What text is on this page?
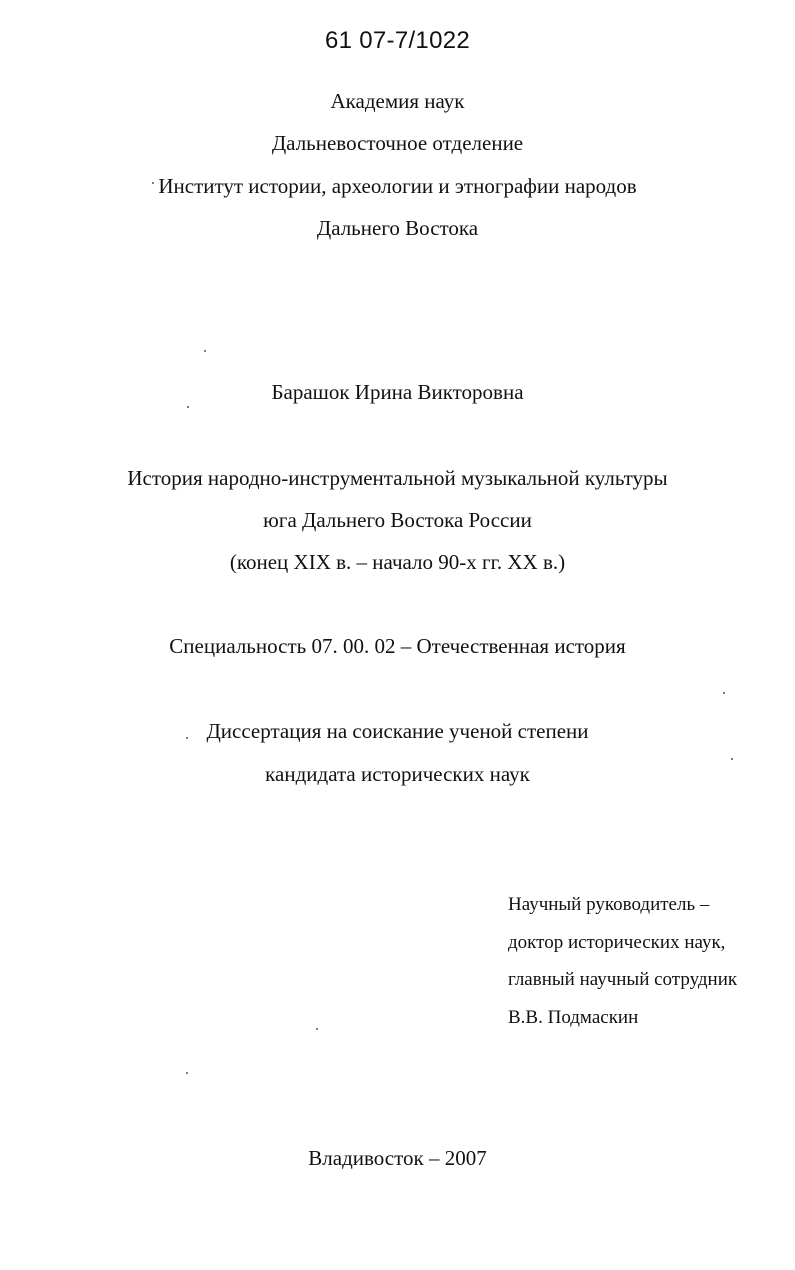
61 07-7/1022
Академия наук
Дальневосточное отделение
Институт истории, археологии и этнографии народов
Дальнего Востока
Барашок Ирина Викторовна
История народно-инструментальной музыкальной культуры
юга Дальнего Востока России
(конец XIX в. – начало 90-х гг. XX в.)
Специальность 07. 00. 02 – Отечественная история
Диссертация на соискание ученой степени
кандидата исторических наук
Научный руководитель –
доктор исторических наук,
главный научный сотрудник
В.В. Подмаскин
Владивосток – 2007
